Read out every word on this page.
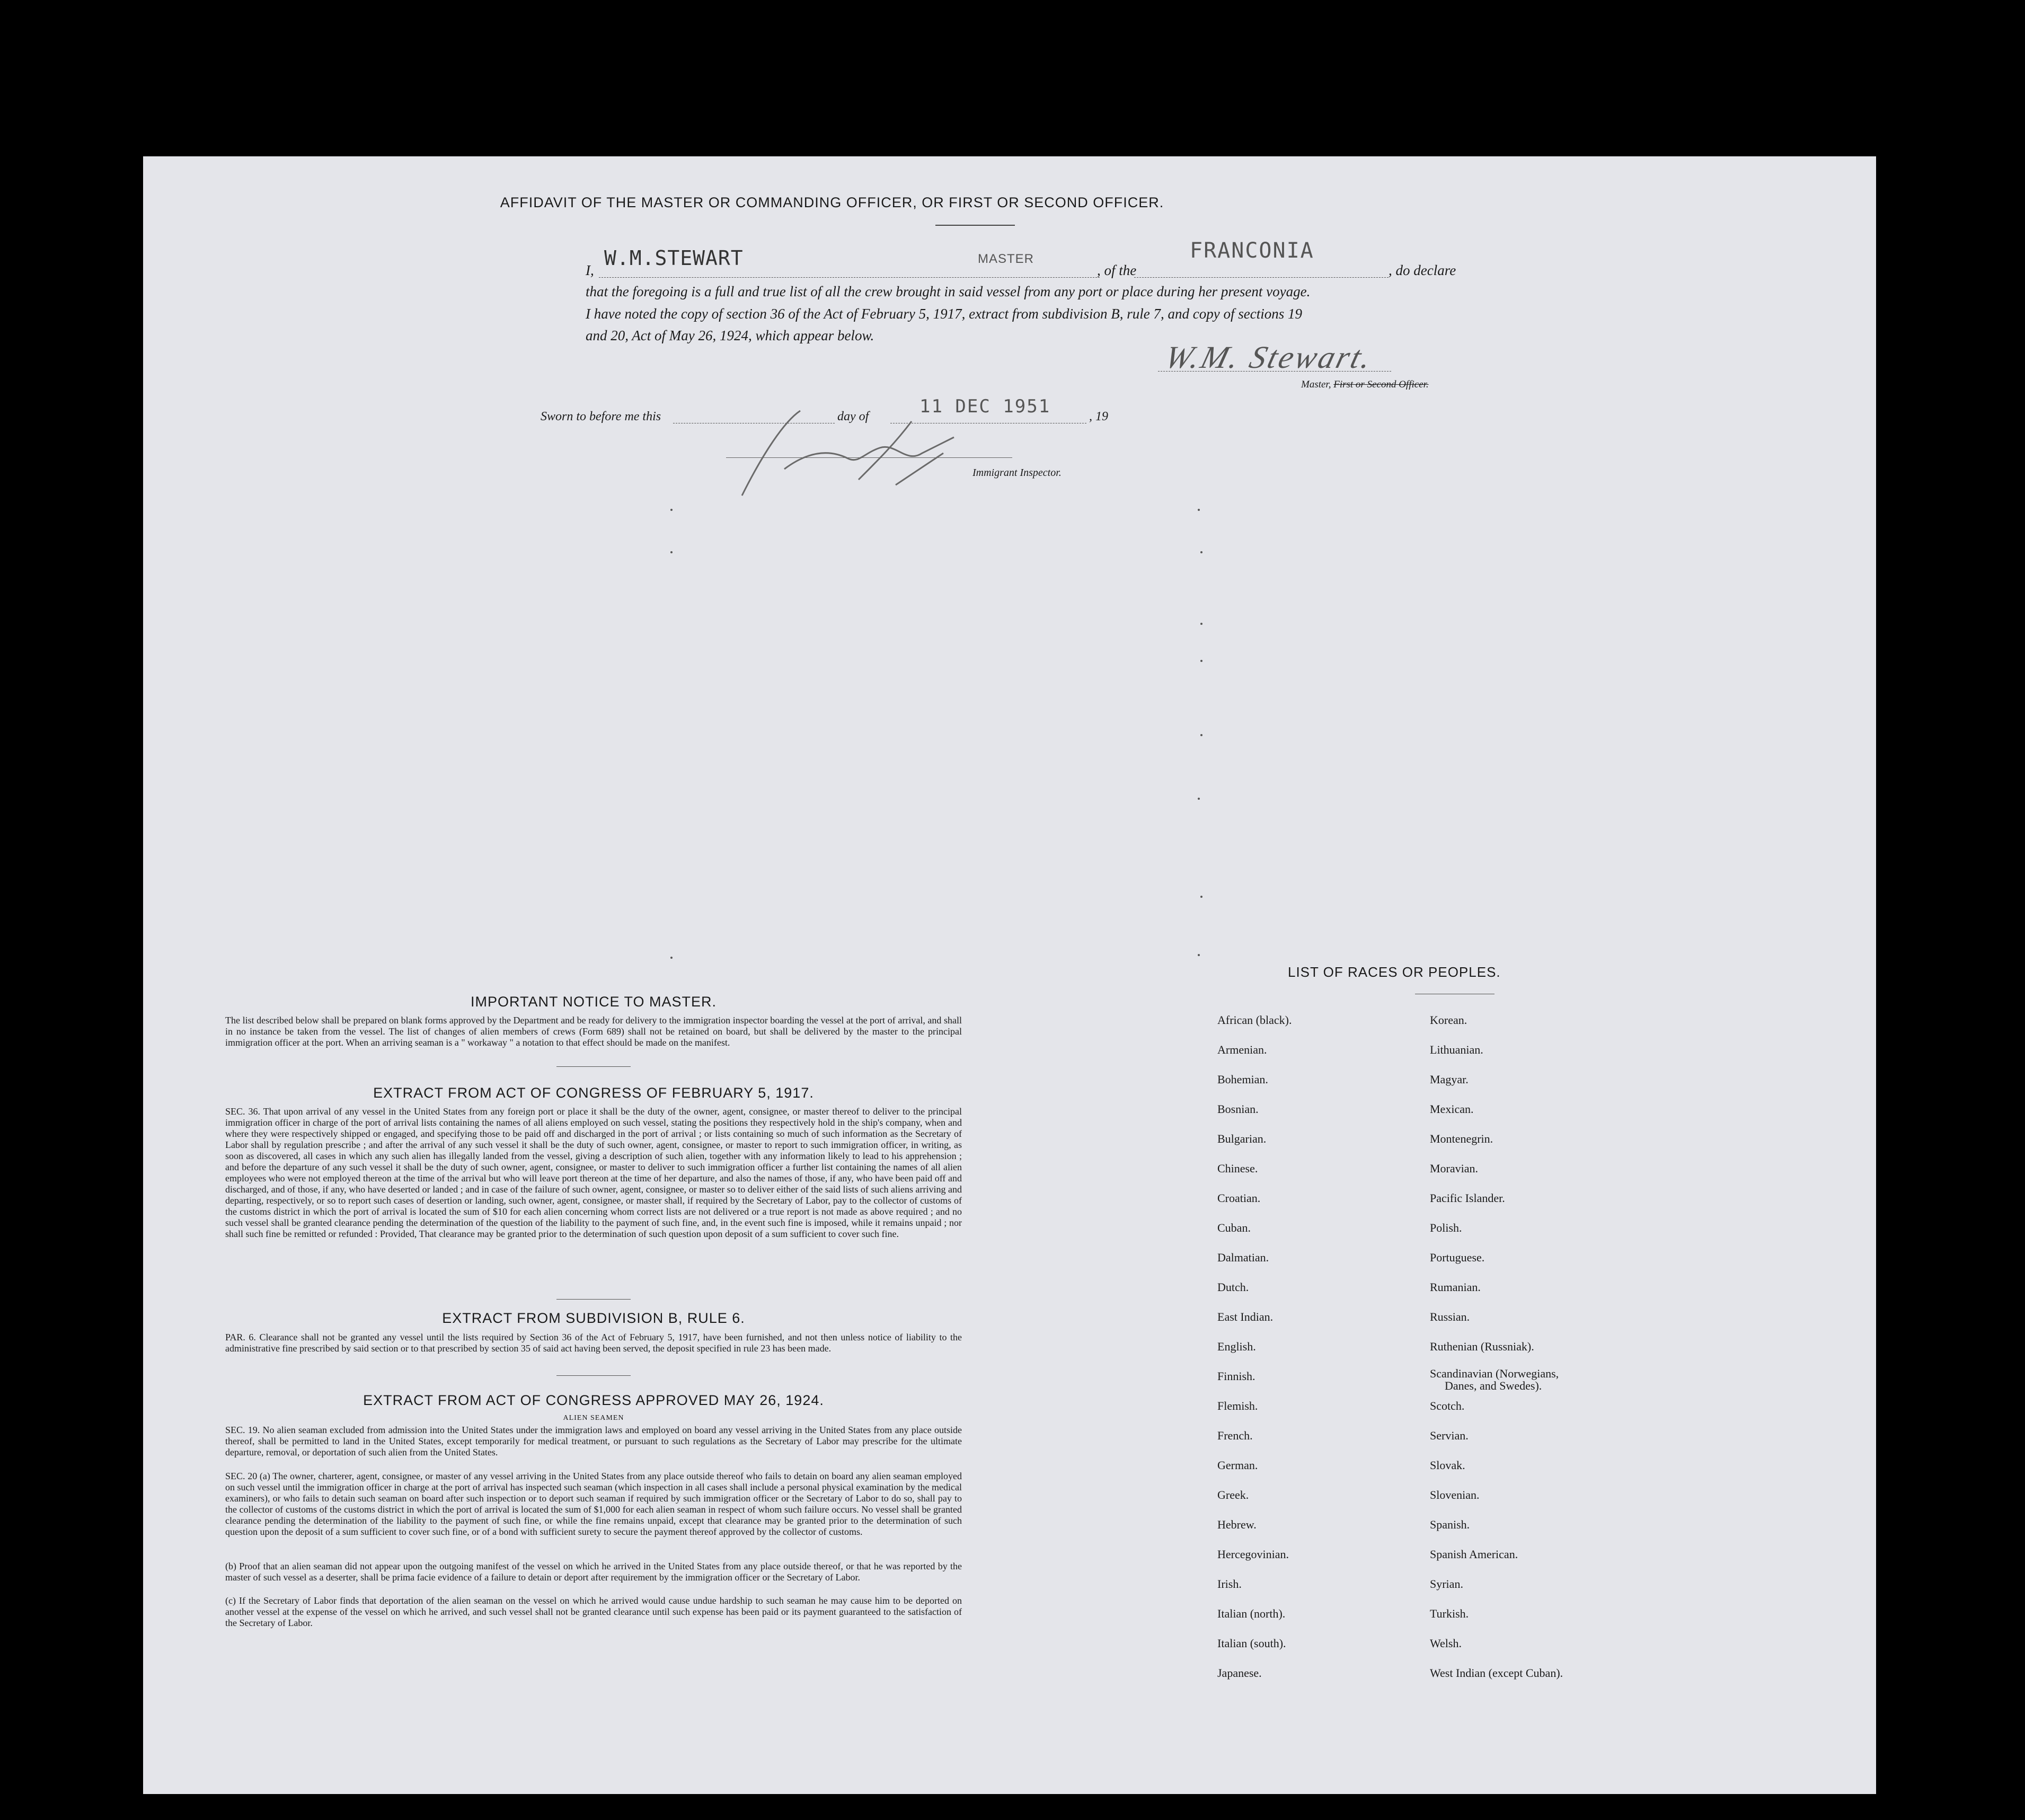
AFFIDAVIT OF THE MASTER OR COMMANDING OFFICER, OR FIRST OR SECOND OFFICER.
I,
W.M.STEWART	MASTER
, of the
FRANCONIA
, do declare
that the foregoing is a full and true list of all the crew brought in said vessel from any port or place during her present voyage.
I have noted the copy of section 36 of the Act of February 5, 1917, extract from subdivision B, rule 7, and copy of sections 19
and 20, Act of May 26, 1924, which appear below.
W.M. Stewart.
Master, First or Second Officer.
Sworn to before me this	day of	11 DEC 1951	, 19
Immigrant Inspector.
IMPORTANT NOTICE TO MASTER.
The list described below shall be prepared on blank forms approved by the Department and be ready for delivery to the immigration inspector boarding the vessel at the port of arrival, and shall in no instance be taken from the vessel. The list of changes of alien members of crews (Form 689) shall not be retained on board, but shall be delivered by the master to the principal immigration officer at the port. When an arriving seaman is a " workaway " a notation to that effect should be made on the manifest.
EXTRACT FROM ACT OF CONGRESS OF FEBRUARY 5, 1917.
SEC. 36. That upon arrival of any vessel in the United States from any foreign port or place it shall be the duty of the owner, agent, consignee, or master thereof to deliver to the principal immigration officer in charge of the port of arrival lists containing the names of all aliens employed on such vessel, stating the positions they respectively hold in the ship's company, when and where they were respectively shipped or engaged, and specifying those to be paid off and discharged in the port of arrival ; or lists containing so much of such information as the Secretary of Labor shall by regulation prescribe ; and after the arrival of any such vessel it shall be the duty of such owner, agent, consignee, or master to report to such immigration officer, in writing, as soon as discovered, all cases in which any such alien has illegally landed from the vessel, giving a description of such alien, together with any information likely to lead to his apprehension ; and before the departure of any such vessel it shall be the duty of such owner, agent, consignee, or master to deliver to such immigration officer a further list containing the names of all alien employees who were not employed thereon at the time of the arrival but who will leave port thereon at the time of her departure, and also the names of those, if any, who have been paid off and discharged, and of those, if any, who have deserted or landed ; and in case of the failure of such owner, agent, consignee, or master so to deliver either of the said lists of such aliens arriving and departing, respectively, or so to report such cases of desertion or landing, such owner, agent, consignee, or master shall, if required by the Secretary of Labor, pay to the collector of customs of the customs district in which the port of arrival is located the sum of $10 for each alien concerning whom correct lists are not delivered or a true report is not made as above required ; and no such vessel shall be granted clearance pending the determination of the question of the liability to the payment of such fine, and, in the event such fine is imposed, while it remains unpaid ; nor shall such fine be remitted or refunded : Provided, That clearance may be granted prior to the determination of such question upon deposit of a sum sufficient to cover such fine.
EXTRACT FROM SUBDIVISION B, RULE 6.
PAR. 6. Clearance shall not be granted any vessel until the lists required by Section 36 of the Act of February 5, 1917, have been furnished, and not then unless notice of liability to the administrative fine prescribed by said section or to that prescribed by section 35 of said act having been served, the deposit specified in rule 23 has been made.
EXTRACT FROM ACT OF CONGRESS APPROVED MAY 26, 1924.
ALIEN SEAMEN
SEC. 19. No alien seaman excluded from admission into the United States under the immigration laws and employed on board any vessel arriving in the United States from any place outside thereof, shall be permitted to land in the United States, except temporarily for medical treatment, or pursuant to such regulations as the Secretary of Labor may prescribe for the ultimate departure, removal, or deportation of such alien from the United States.
SEC. 20 (a) The owner, charterer, agent, consignee, or master of any vessel arriving in the United States from any place outside thereof who fails to detain on board any alien seaman employed on such vessel until the immigration officer in charge at the port of arrival has inspected such seaman (which inspection in all cases shall include a personal physical examination by the medical examiners), or who fails to detain such seaman on board after such inspection or to deport such seaman if required by such immigration officer or the Secretary of Labor to do so, shall pay to the collector of customs of the customs district in which the port of arrival is located the sum of $1,000 for each alien seaman in respect of whom such failure occurs. No vessel shall be granted clearance pending the determination of the liability to the payment of such fine, or while the fine remains unpaid, except that clearance may be granted prior to the determination of such question upon the deposit of a sum sufficient to cover such fine, or of a bond with sufficient surety to secure the payment thereof approved by the collector of customs.
(b) Proof that an alien seaman did not appear upon the outgoing manifest of the vessel on which he arrived in the United States from any place outside thereof, or that he was reported by the master of such vessel as a deserter, shall be prima facie evidence of a failure to detain or deport after requirement by the immigration officer or the Secretary of Labor.
(c) If the Secretary of Labor finds that deportation of the alien seaman on the vessel on which he arrived would cause undue hardship to such seaman he may cause him to be deported on another vessel at the expense of the vessel on which he arrived, and such vessel shall not be granted clearance until such expense has been paid or its payment guaranteed to the satisfaction of the Secretary of Labor.
LIST OF RACES OR PEOPLES.
African (black).
Armenian.
Bohemian.
Bosnian.
Bulgarian.
Chinese.
Croatian.
Cuban.
Dalmatian.
Dutch.
East Indian.
English.
Finnish.
Flemish.
French.
German.
Greek.
Hebrew.
Hercegovinian.
Irish.
Italian (north).
Italian (south).
Japanese.
Korean.
Lithuanian.
Magyar.
Mexican.
Montenegrin.
Moravian.
Pacific Islander.
Polish.
Portuguese.
Rumanian.
Russian.
Ruthenian (Russniak).
Scandinavian (Norwegians,
Danes, and Swedes).
Scotch.
Servian.
Slovak.
Slovenian.
Spanish.
Spanish American.
Syrian.
Turkish.
Welsh.
West Indian (except Cuban).
